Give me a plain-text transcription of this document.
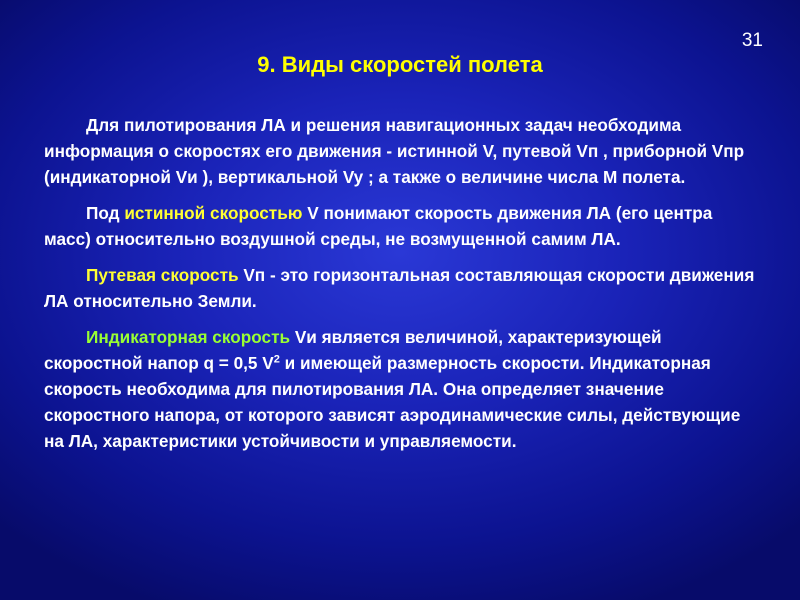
31
9. Виды скоростей полета

Для пилотирования ЛА и решения навигационных задач необходима информация о скоростях его движения - истинной V, путевой Vп , приборной Vпр (индикаторной Vи ), вертикальной Vy ; а также о величине числа М полета.

Под истинной скоростью V понимают скорость движения ЛА (его центра масс) относительно воздушной среды, не возмущенной самим ЛА.

Путевая скорость Vп - это горизонтальная составляющая скорости движения ЛА относительно Земли.

Индикаторная скорость Vи является величиной, характеризующей скоростной напор q = 0,5 $V^2$ и имеющей размерность скорости. Индикаторная скорость необходима для пилотирования ЛА. Она определяет значение скоростного напора, от которого зависят аэродинамические силы, действующие на ЛА, характеристики устойчивости и управляемости.
